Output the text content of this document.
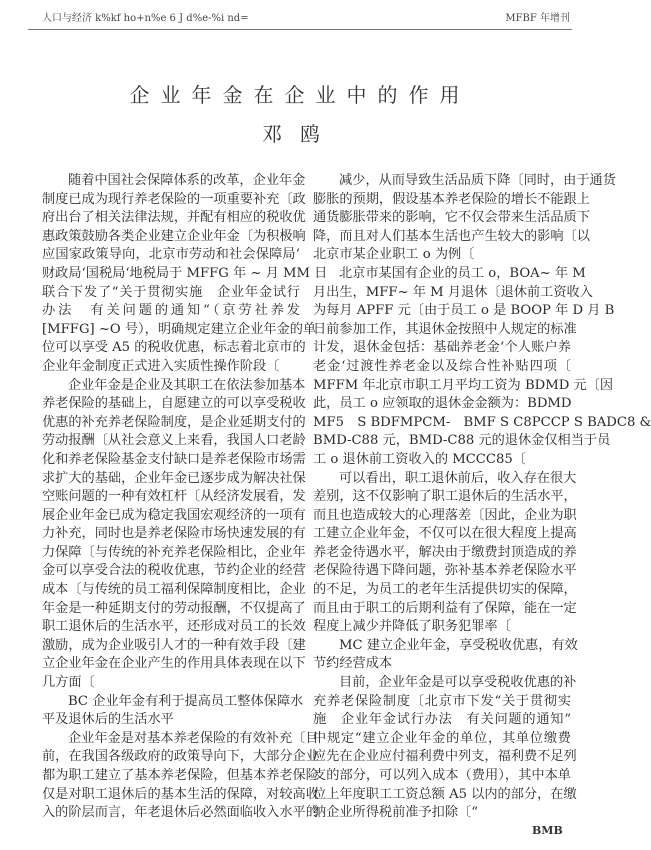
人口与经济 k%kf ho+n%e 6 J d%e-%i nd=	MFBF 年增刊
企业年金在企业中的作用
邓鸥
随着中国社会保障体系的改革，企业年金
制度已成为现行养老保险的一项重要补充〔政
府出台了相关法律法规，并配有相应的税收优
惠政策鼓励各类企业建立企业年金〔为积极响
应国家政策导向，北京市劳动和社会保障局‘
财政局‘国税局‘地税局于 MFFG 年 ~ 月 MM 日
联合下发了“关于贯彻实施　企业年金试行
办法　有关问题的通知“（京劳社养发
[MFFG] ~O 号），明确规定建立企业年金的单
位可以享受 A5 的税收优惠，标志着北京市的
企业年金制度正式进入实质性操作阶段〔
企业年金是企业及其职工在依法参加基本
养老保险的基础上，自愿建立的可以享受税收
优惠的补充养老保险制度，是企业延期支付的
劳动报酬〔从社会意义上来看，我国人口老龄
化和养老保险基金支付缺口是养老保险市场需
求扩大的基础，企业年金已逐步成为解决社保
空账问题的一种有效杠杆〔从经济发展看，发
展企业年金已成为稳定我国宏观经济的一项有
力补充，同时也是养老保险市场快速发展的有
力保障〔与传统的补充养老保险相比，企业年
金可以享受合法的税收优惠，节约企业的经营
成本〔与传统的员工福利保障制度相比，企业
年金是一种延期支付的劳动报酬，不仅提高了
职工退休后的生活水平，还形成对员工的长效
激励，成为企业吸引人才的一种有效手段〔建
立企业年金在企业产生的作用具体表现在以下
几方面〔
BC 企业年金有利于提高员工整体保障水
平及退休后的生活水平
企业年金是对基本养老保险的有效补充〔目
前，在我国各级政府的政策导向下，大部分企业
都为职工建立了基本养老保险，但基本养老保险
仅是对职工退休后的基本生活的保障，对较高收
入的阶层而言，年老退休后必然面临收入水平的
减少，从而导致生活品质下降〔同时，由于通货
膨胀的预期，假设基本养老保险的增长不能跟上
通货膨胀带来的影响，它不仅会带来生活品质下
降，而且对人们基本生活也产生较大的影响〔以
北京市某企业职工 o 为例〔
北京市某国有企业的员工 o，BOA~ 年 M
月出生，MFF~ 年 M 月退休〔退休前工资收入
为每月 APFF 元〔由于员工 o 是 BOOP 年 D 月 B
日前参加工作，其退休金按照中人规定的标准
计发，退休金包括：基础养老金‘个人账户养
老金‘过渡性养老金以及综合性补贴四项〔
MFFM 年北京市职工月平均工资为 BDMD 元〔因
此，员工 o 应领取的退休金金额为：BDMD
MF5　S BDFMPCM-　BMF S C8PCCP S BADC8 &
BMD-C88 元，BMD-C88 元的退休金仅相当于员
工 o 退休前工资收入的 MCCC85〔
可以看出，职工退休前后，收入存在很大
差别，这不仅影响了职工退休后的生活水平，
而且也造成较大的心理落差〔因此，企业为职
工建立企业年金，不仅可以在很大程度上提高
养老金待遇水平，解决由于缴费封顶造成的养
老保险待遇下降问题，弥补基本养老保险水平
的不足，为员工的老年生活提供切实的保障，
而且由于职工的后期利益有了保障，能在一定
程度上减少并降低了职务犯罪率〔
MC 建立企业年金，享受税收优惠，有效
节约经营成本
目前，企业年金是可以享受税收优惠的补
充养老保险制度〔北京市下发“关于贯彻实
施　企业年金试行办法　有关问题的通知“
中规定“建立企业年金的单位，其单位缴费
应先在企业应付福利费中列支，福利费不足列
支的部分，可以列入成本（费用），其中本单
位上年度职工工资总额 A5 以内的部分，在缴
纳企业所得税前准予扣除〔“
BMB
